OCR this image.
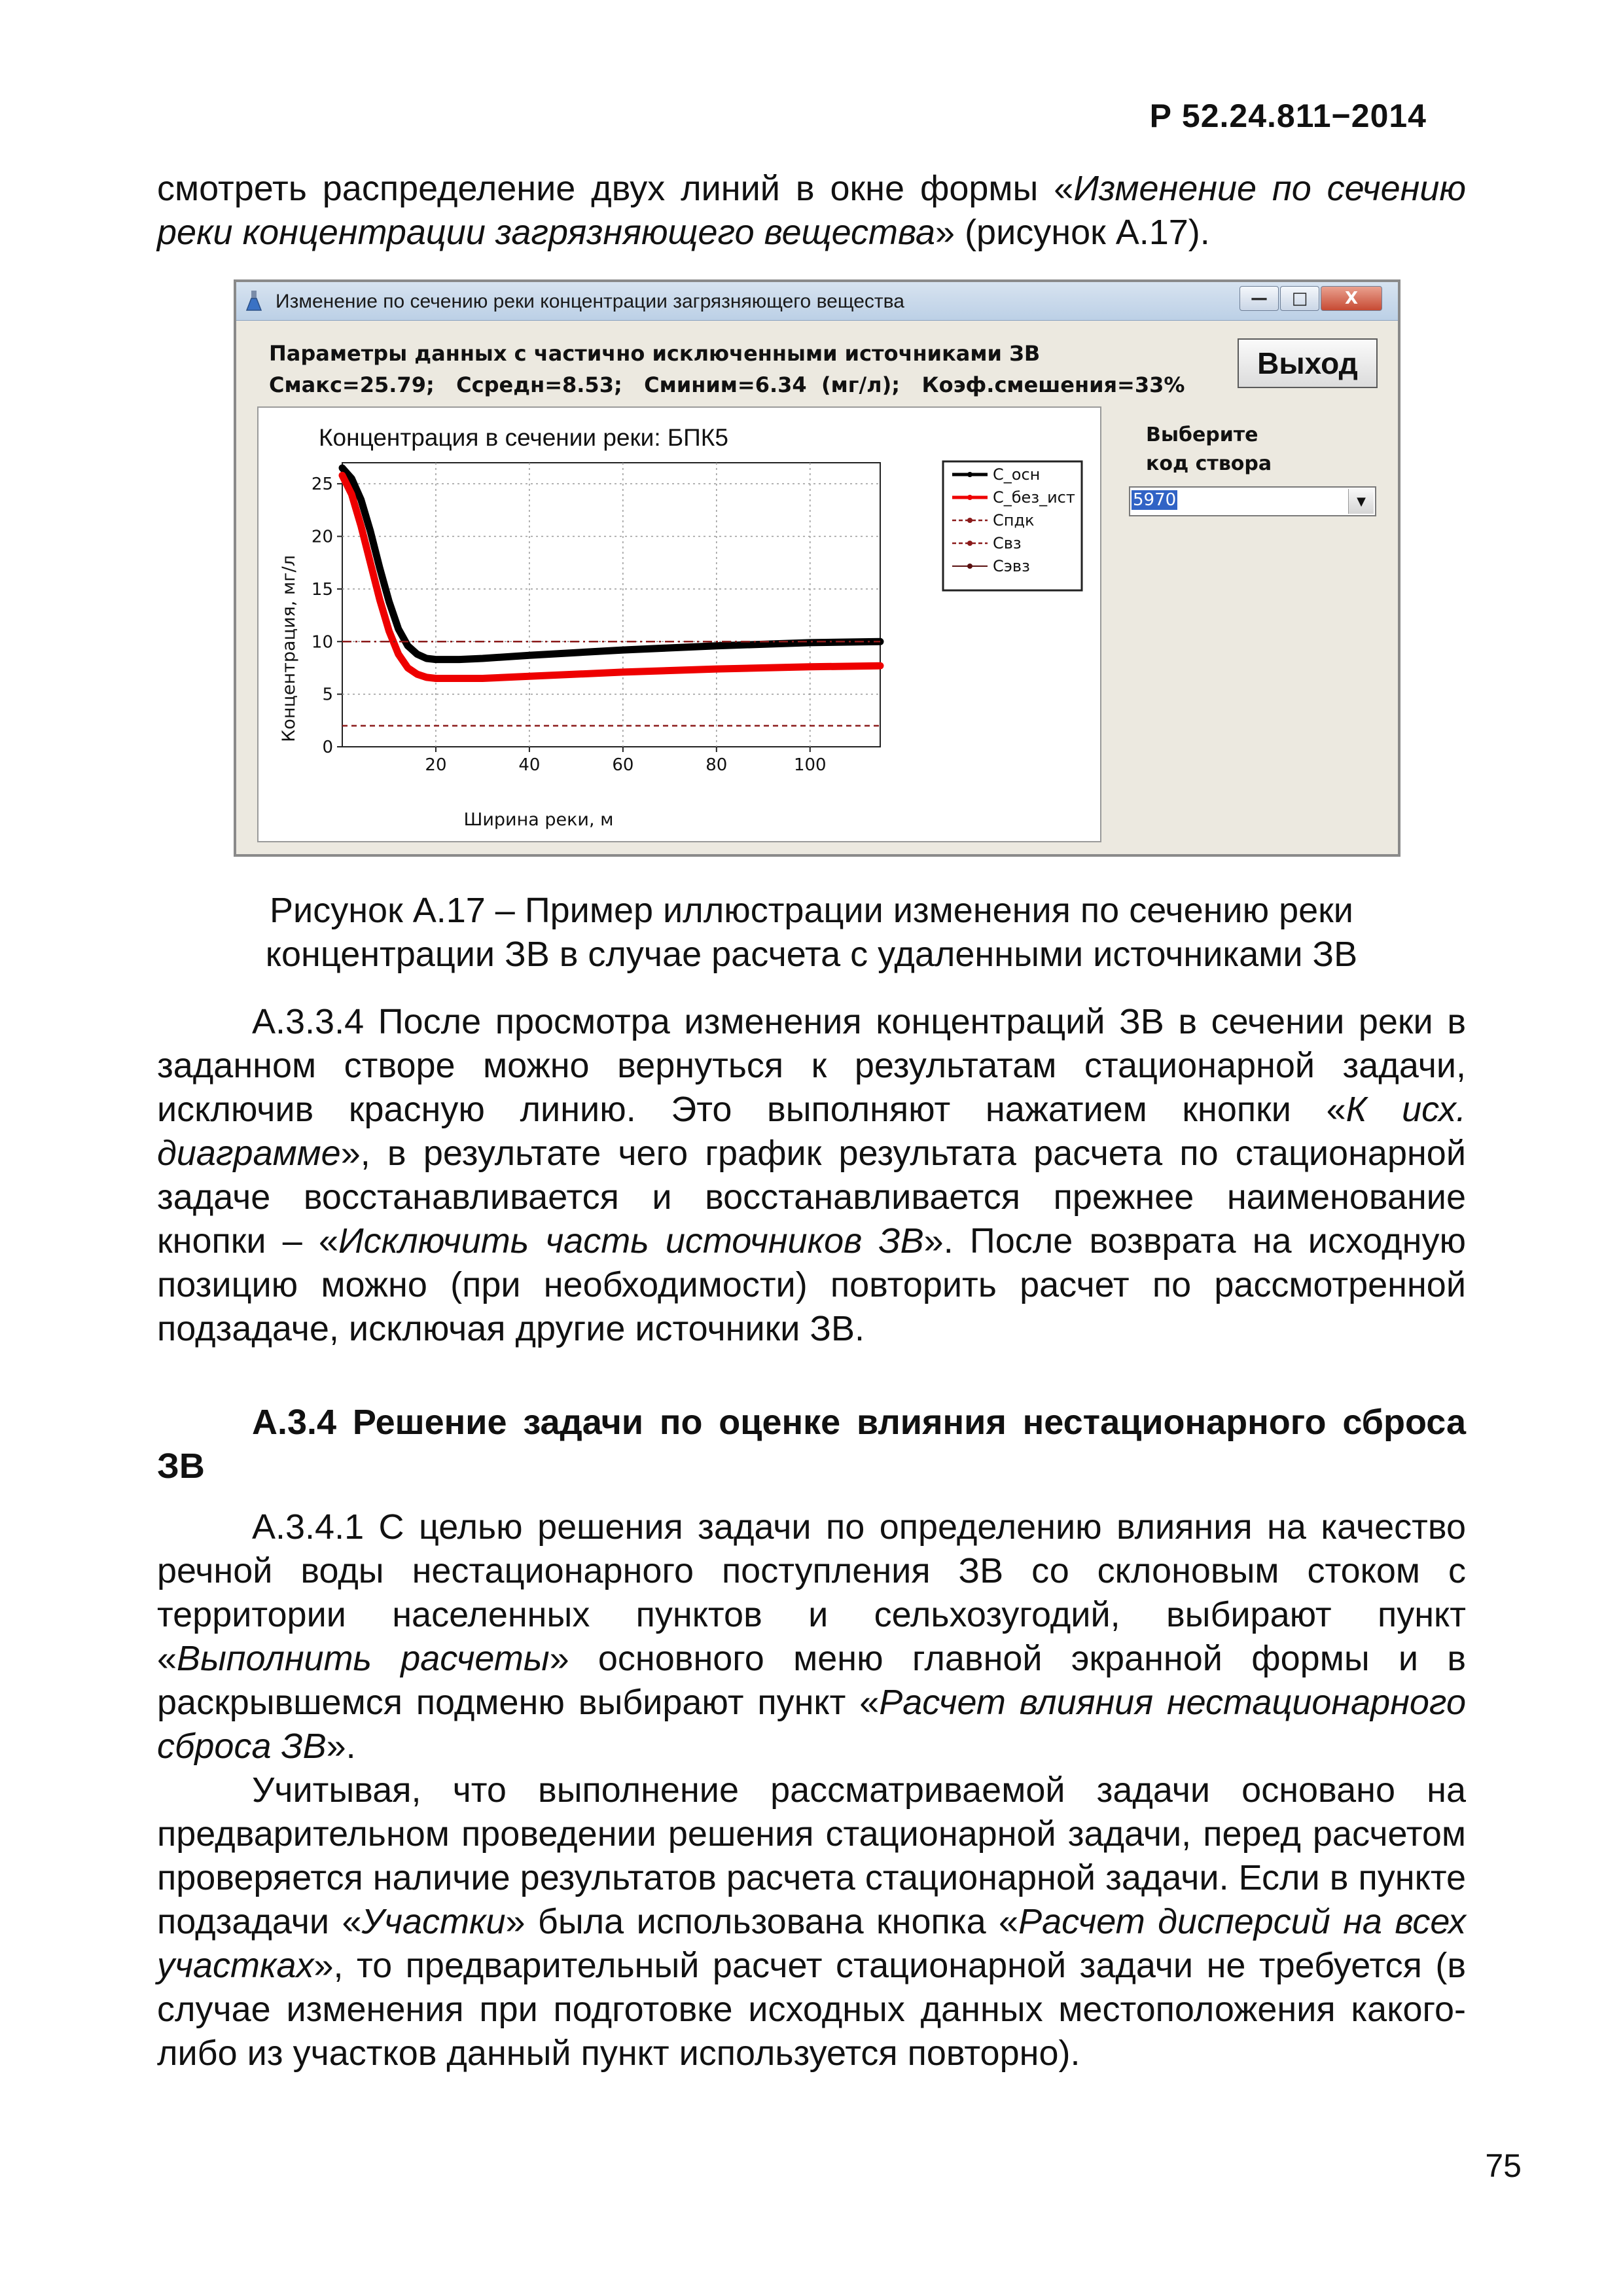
Р 52.24.811−2014

смотреть распределение двух линий в окне формы «Изменение по сечению реки концентрации загрязняющего вещества» (рисунок А.17).

Изменение по сечению реки концентрации загрязняющего вещества	—	□	X
Параметры данных с частично исключенными источниками ЗВ
Смакс=25.79;   Ссредн=8.53;   Сминим=6.34  (мг/л);   Коэф.смешения=33%
Выход
Выберите
код створа
5970	▼
Концентрация в сечении реки: БПК5
Ширина реки, м
Концентрация, мг/л
20	40	60	80	100
0
5
10
15
20
25
С_осн
С_без_ист
Спдк
Свз
Сэвз
Рисунок А.17 – Пример иллюстрации изменения по сечению реки
концентрации ЗВ в случае расчета с удаленными источниками ЗВ

А.3.3.4 После просмотра изменения концентраций ЗВ в сечении реки в заданном створе можно вернуться к результатам стационарной задачи, исключив красную линию. Это выполняют нажатием кнопки «К исх. диаграмме», в результате чего график результата расчета по стационарной задаче восстанавливается и восстанавливается прежнее наименование кнопки – «Исключить часть источников ЗВ». После возврата на исходную позицию можно (при необходимости) повторить расчет по рассмотренной подзадаче, исключая другие источники ЗВ.

А.3.4 Решение задачи по оценке влияния нестационарного сброса ЗВ

А.3.4.1 С целью решения задачи по определению влияния на качество речной воды нестационарного поступления ЗВ со склоновым стоком с территории населенных пунктов и сельхозугодий, выбирают пункт «Выполнить расчеты» основного меню главной экранной формы и в раскрывшемся подменю выбирают пункт «Расчет влияния нестационарного сброса ЗВ».

Учитывая, что выполнение рассматриваемой задачи основано на предварительном проведении решения стационарной задачи, перед расчетом проверяется наличие результатов расчета стационарной задачи. Если в пункте подзадачи «Участки» была использована кнопка «Расчет дисперсий на всех участках», то предварительный расчет стационарной задачи не требуется (в случае изменения при подготовке исходных данных местоположения какого-либо из участков данный пункт используется повторно).

75
